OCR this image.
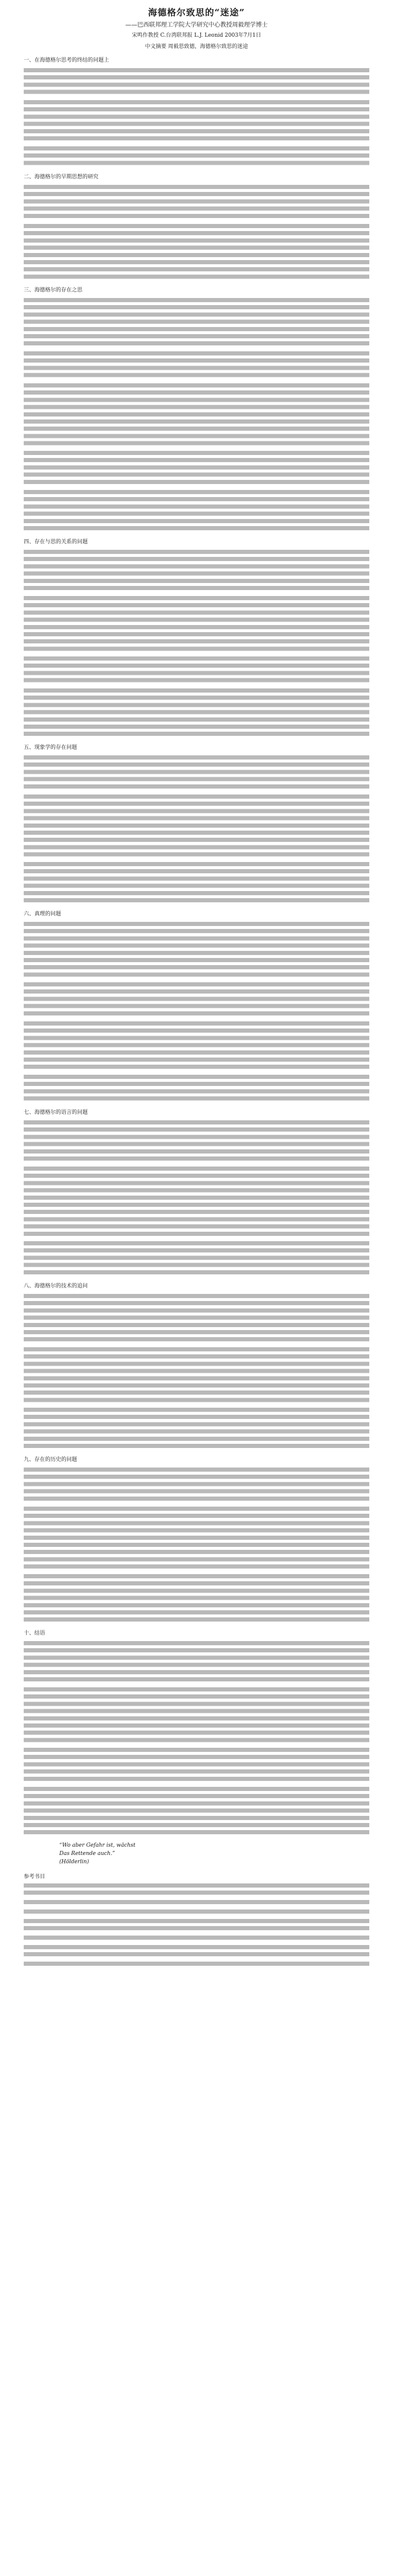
海德格尔致思的“迷途”
——巴西联邦理工学院大学研究中心教授周毅理学博士
宋鸣作教授 C.台湾联邦报 L.J. Leonid 2003年7月1日
中文摘要 周毅思致德，海德格尔致思的迷途
一、在海德格尔思考的终结的问题上
二、海德格尔的早期思想的研究
三、海德格尔的存在之思
四、存在与思的关系的问题
五、现象学的存在问题
六、真理的问题
七、海德格尔的语言的问题
八、海德格尔的技术的追问
九、存在的历史的问题
十、结语
“Wo aber Gefahr ist, wächst
Das Rettende auch.”
(Hölderlin)
参考书目
